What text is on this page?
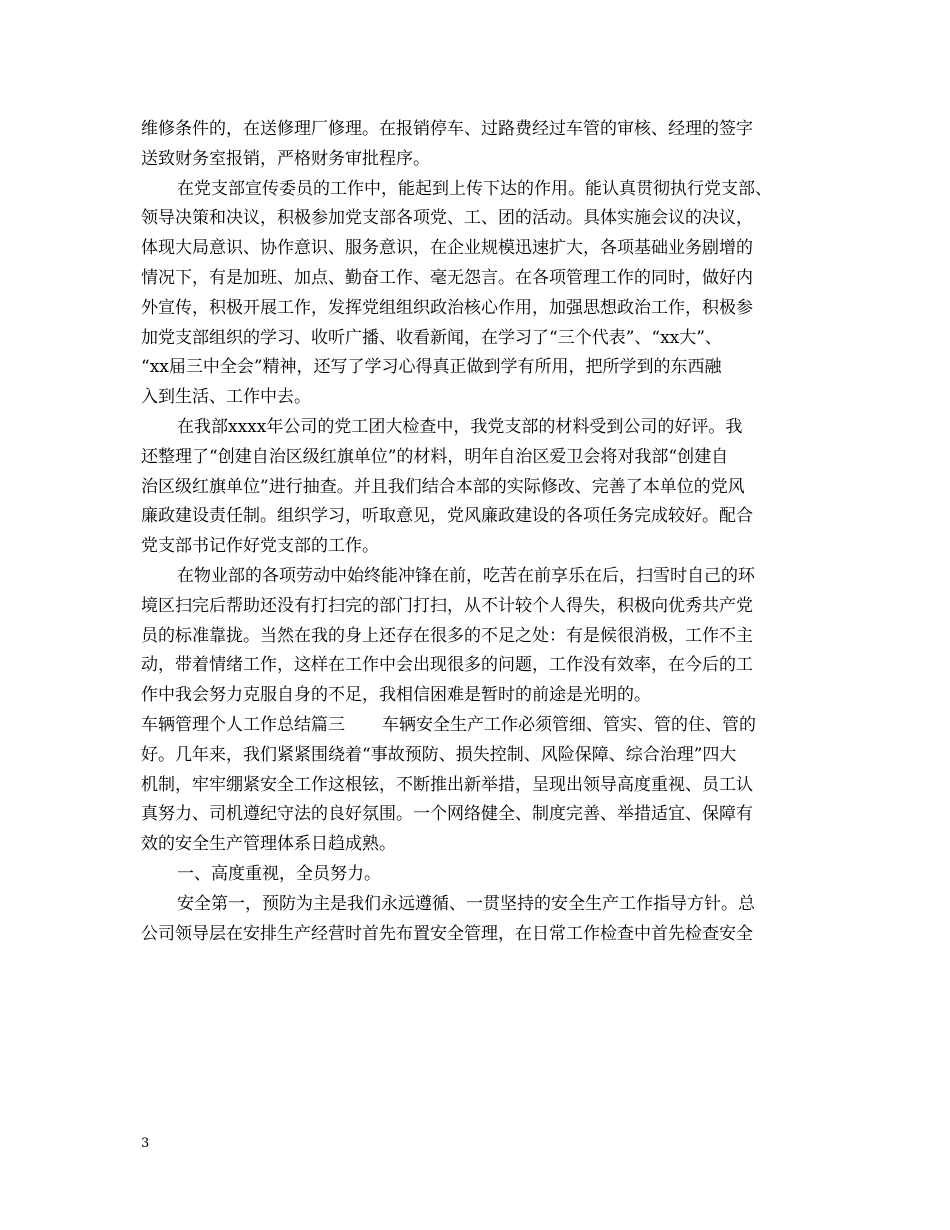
维修条件的，在送修理厂修理。在报销停车、过路费经过车管的审核、经理的签字
送致财务室报销，严格财务审批程序。
在党支部宣传委员的工作中，能起到上传下达的作用。能认真贯彻执行党支部、
领导决策和决议，积极参加党支部各项党、工、团的活动。具体实施会议的决议，
体现大局意识、协作意识、服务意识，在企业规模迅速扩大，各项基础业务剧增的
情况下，有是加班、加点、勤奋工作、毫无怨言。在各项管理工作的同时，做好内
外宣传，积极开展工作，发挥党组组织政治核心作用，加强思想政治工作，积极参
加党支部组织的学习、收听广播、收看新闻，在学习了“三个代表”、“xx大”、
“xx届三中全会”精神，还写了学习心得真正做到学有所用，把所学到的东西融
入到生活、工作中去。
在我部xxxx年公司的党工团大检查中，我党支部的材料受到公司的好评。我
还整理了“创建自治区级红旗单位”的材料，明年自治区爱卫会将对我部“创建自
治区级红旗单位”进行抽查。并且我们结合本部的实际修改、完善了本单位的党风
廉政建设责任制。组织学习，听取意见，党风廉政建设的各项任务完成较好。配合
党支部书记作好党支部的工作。
在物业部的各项劳动中始终能冲锋在前，吃苦在前享乐在后，扫雪时自己的环
境区扫完后帮助还没有打扫完的部门打扫，从不计较个人得失，积极向优秀共产党
员的标准靠拢。当然在我的身上还存在很多的不足之处：有是候很消极，工作不主
动，带着情绪工作，这样在工作中会出现很多的问题，工作没有效率，在今后的工
作中我会努力克服自身的不足，我相信困难是暂时的前途是光明的。
车辆管理个人工作总结篇三 车辆安全生产工作必须管细、管实、管的住、管的
好。几年来，我们紧紧围绕着“事故预防、损失控制、风险保障、综合治理”四大
机制，牢牢绷紧安全工作这根铉，不断推出新举措，呈现出领导高度重视、员工认
真努力、司机遵纪守法的良好氛围。一个网络健全、制度完善、举措适宜、保障有
效的安全生产管理体系日趋成熟。
一、高度重视，全员努力。
安全第一，预防为主是我们永远遵循、一贯坚持的安全生产工作指导方针。总
公司领导层在安排生产经营时首先布置安全管理，在日常工作检查中首先检查安全
3
